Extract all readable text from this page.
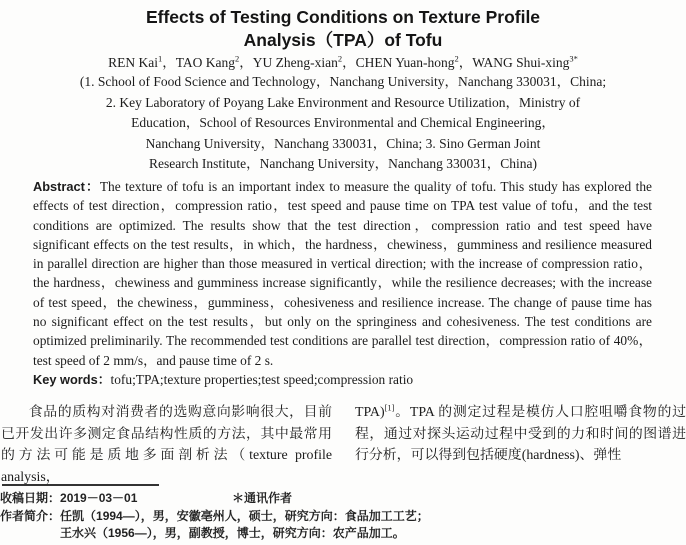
Effects of Testing Conditions on Texture Profile
Analysis（TPA）of Tofu
REN Kai$^1$，TAO Kang$^2$，YU Zheng-xian$^2$，CHEN Yuan-hong$^2$，WANG Shui-xing$^{3*}$
(1. School of Food Science and Technology，Nanchang University，Nanchang 330031，China;
2. Key Laboratory of Poyang Lake Environment and Resource Utilization，Ministry of
Education，School of Resources Environmental and Chemical Engineering，
Nanchang University，Nanchang 330031，China; 3. Sino German Joint
Research Institute，Nanchang University，Nanchang 330031，China)

Abstract：The texture of tofu is an important index to measure the quality of tofu. This study has explored the effects of test direction，compression ratio，test speed and pause time on TPA test value of tofu，and the test conditions are optimized. The results show that the test direction，compression ratio and test speed have significant effects on the test results，in which，the hardness，chewiness，gumminess and resilience measured in parallel direction are higher than those measured in vertical direction; with the increase of compression ratio，the hardness，chewiness and gumminess increase significantly，while the resilience decreases; with the increase of test speed，the chewiness，gumminess，cohesiveness and resilience increase. The change of pause time has no significant effect on the test results，but only on the springiness and cohesiveness. The test conditions are optimized preliminarily. The recommended test conditions are parallel test direction，compression ratio of 40%，test speed of 2 mm/s，and pause time of 2 s.

Key words：tofu;TPA;texture properties;test speed;compression ratio

食品的质构对消费者的选购意向影响很大，目前已开发出许多测定食品结构性质的方法，其中最常用的方法可能是质地多面剖析法（texture profile analysis，

TPA)[1]。TPA 的测定过程是模仿人口腔咀嚼食物的过程，通过对探头运动过程中受到的力和时间的图谱进行分析，可以得到包括硬度(hardness)、弹性

收稿日期：2019－03－01	＊通讯作者
作者简介：任凯（1994—），男，安徽亳州人，硕士，研究方向：食品加工工艺；
王水兴（1956—），男，副教授，博士，研究方向：农产品加工。
